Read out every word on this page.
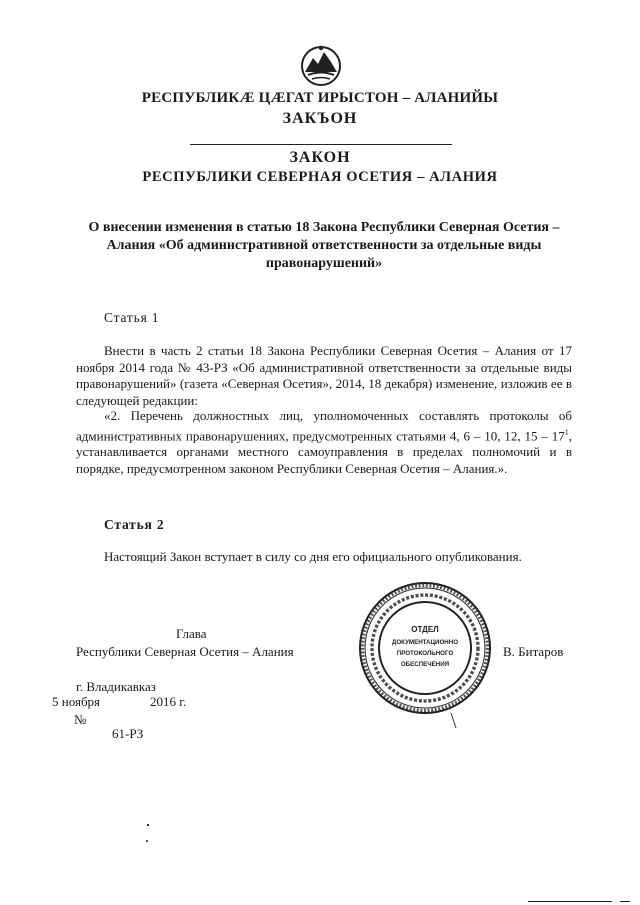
РЕСПУБЛИКӔ ЦӔГАТ ИРЫСТОН – АЛАНИЙЫ
ЗАКЪОН
ЗАКОН
РЕСПУБЛИКИ СЕВЕРНАЯ ОСЕТИЯ – АЛАНИЯ
О внесении изменения в статью 18 Закона Республики Северная Осетия – Алания «Об административной ответственности за отдельные виды правонарушений»
Статья 1
Внести в часть 2 статьи 18 Закона Республики Северная Осетия – Алания от 17 ноября 2014 года № 43-РЗ «Об административной ответственности за отдельные виды правонарушений» (газета «Северная Осетия», 2014, 18 декабря) изменение, изложив ее в следующей редакции:
«2. Перечень должностных лиц, уполномоченных составлять протоколы об административных правонарушениях, предусмотренных статьями 4, 6 – 10, 12, $15 - 17^1$, устанавливается органами местного самоуправления в пределах полномочий и в порядке, предусмотренном законом Республики Северная Осетия – Алания.».
Статья 2
Настоящий Закон вступает в силу со дня его официального опубликования.
Глава
Республики Северная Осетия – Алания	В. Битаров
г. Владикавказ
5 ноября	2016 г.
№
61-РЗ
ОТДЕЛ
ДОКУМЕНТАЦИОННО
ПРОТОКОЛЬНОГО
ОБЕСПЕЧЕНИЯ
